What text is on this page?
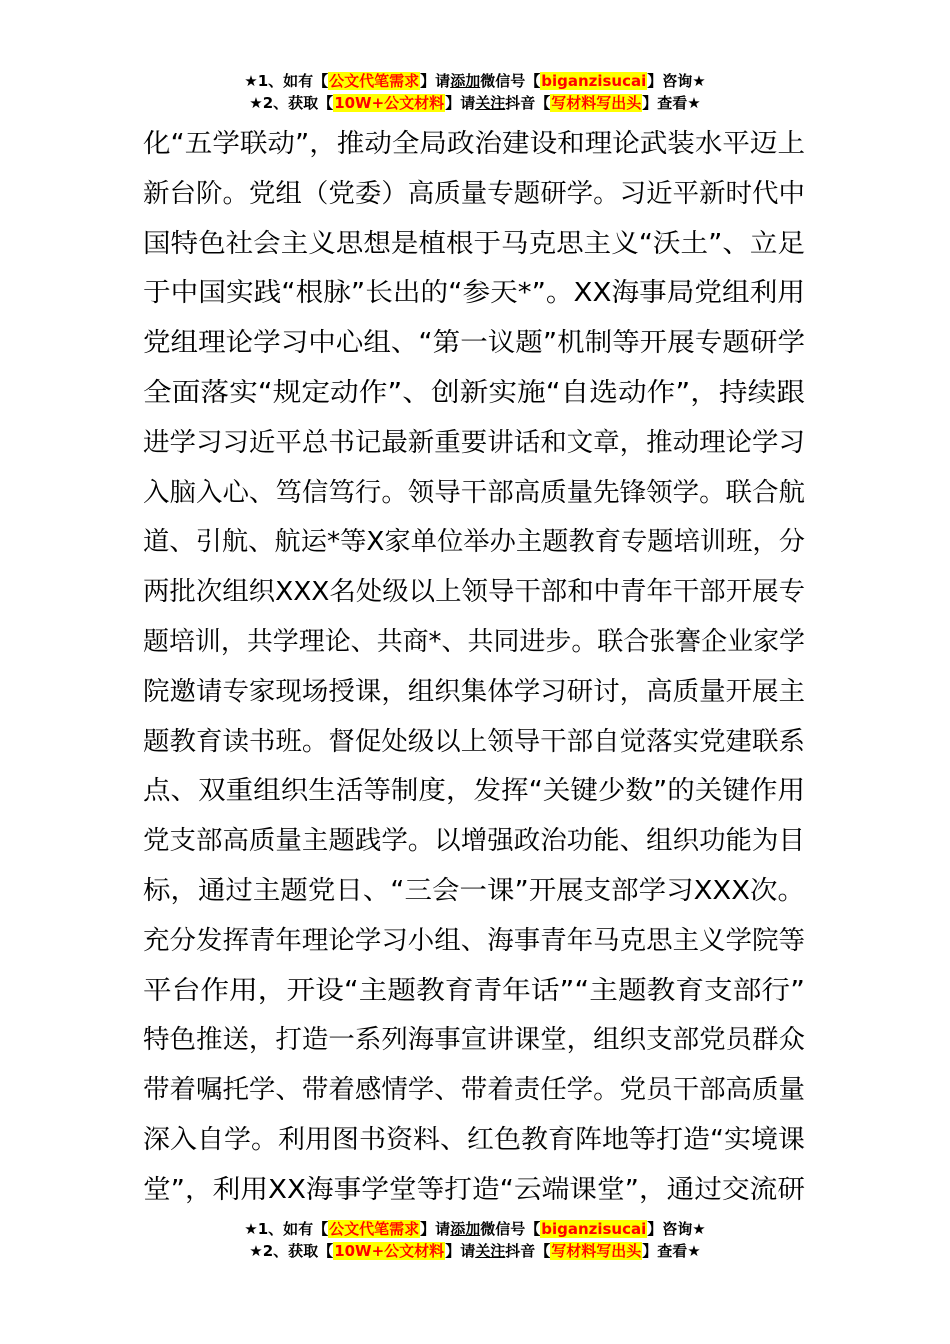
★1、如有【公文代笔需求】请添加微信号【biganzisucai】咨询★
★2、获取【10W+公文材料】请关注抖音【写材料写出头】查看★
化“五学联动”，推动全局政治建设和理论武装水平迈上
新台阶。党组（党委）高质量专题研学。习近平新时代中
国特色社会主义思想是植根于马克思主义“沃土”、立足
于中国实践“根脉”长出的“参天*”。XX海事局党组利用
党组理论学习中心组、“第一议题”机制等开展专题研学
全面落实“规定动作”、创新实施“自选动作”，持续跟
进学习习近平总书记最新重要讲话和文章，推动理论学习
入脑入心、笃信笃行。领导干部高质量先锋领学。联合航
道、引航、航运*等X家单位举办主题教育专题培训班，分
两批次组织XXX名处级以上领导干部和中青年干部开展专
题培训，共学理论、共商*、共同进步。联合张謇企业家学
院邀请专家现场授课，组织集体学习研讨，高质量开展主
题教育读书班。督促处级以上领导干部自觉落实党建联系
点、双重组织生活等制度，发挥“关键少数”的关键作用
党支部高质量主题践学。以增强政治功能、组织功能为目
标，通过主题党日、“三会一课”开展支部学习XXX次。
充分发挥青年理论学习小组、海事青年马克思主义学院等
平台作用，开设“主题教育青年话”“主题教育支部行”
特色推送，打造一系列海事宣讲课堂，组织支部党员群众
带着嘱托学、带着感情学、带着责任学。党员干部高质量
深入自学。利用图书资料、红色教育阵地等打造“实境课
堂”，利用XX海事学堂等打造“云端课堂”，通过交流研
★1、如有【公文代笔需求】请添加微信号【biganzisucai】咨询★
★2、获取【10W+公文材料】请关注抖音【写材料写出头】查看★
